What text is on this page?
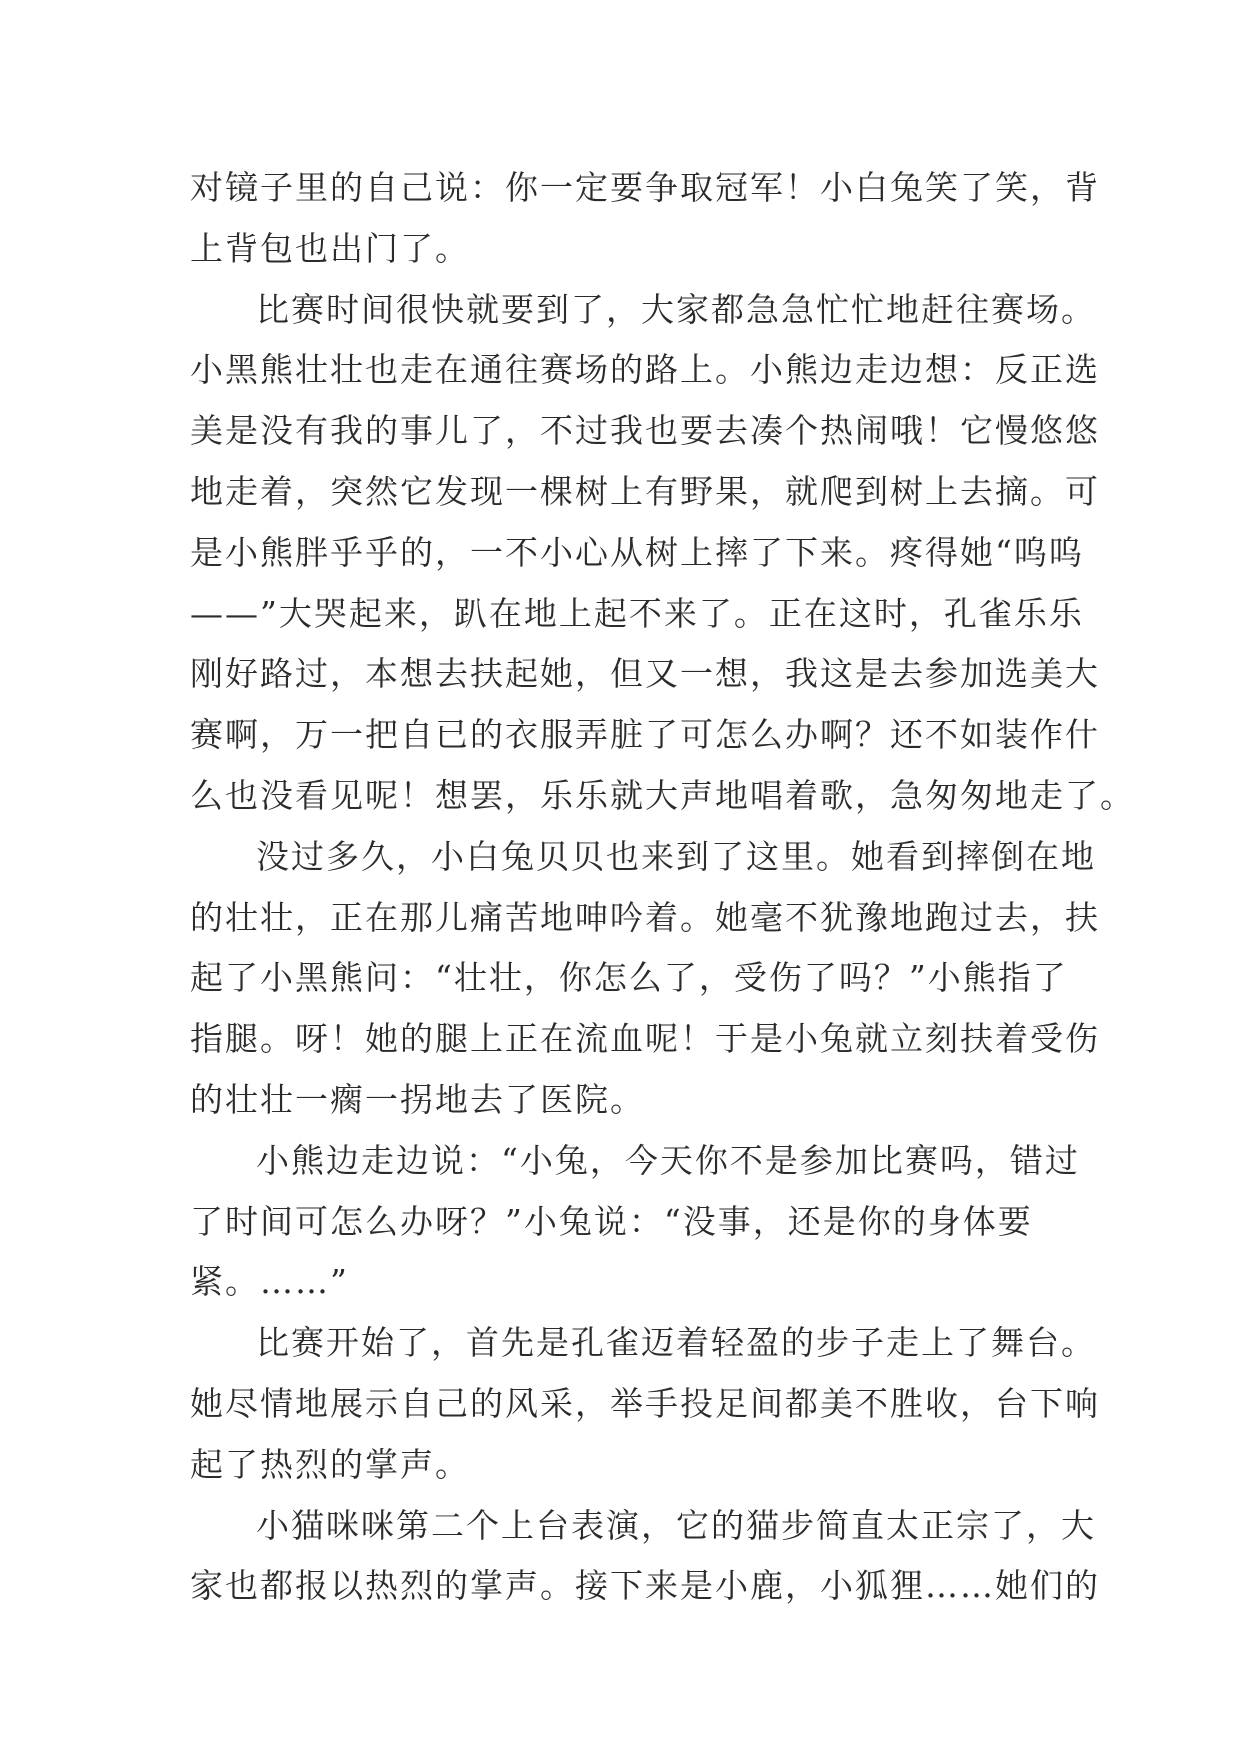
对镜子里的自己说：你一定要争取冠军！小白兔笑了笑，背
上背包也出门了。
比赛时间很快就要到了，大家都急急忙忙地赶往赛场。
小黑熊壮壮也走在通往赛场的路上。小熊边走边想：反正选
美是没有我的事儿了，不过我也要去凑个热闹哦！它慢悠悠
地走着，突然它发现一棵树上有野果，就爬到树上去摘。可
是小熊胖乎乎的，一不小心从树上摔了下来。疼得她“呜呜
——”大哭起来，趴在地上起不来了。正在这时，孔雀乐乐
刚好路过，本想去扶起她，但又一想，我这是去参加选美大
赛啊，万一把自已的衣服弄脏了可怎么办啊？还不如装作什
么也没看见呢！想罢，乐乐就大声地唱着歌，急匆匆地走了。
没过多久，小白兔贝贝也来到了这里。她看到摔倒在地
的壮壮，正在那儿痛苦地呻吟着。她毫不犹豫地跑过去，扶
起了小黑熊问：“壮壮，你怎么了，受伤了吗？”小熊指了
指腿。呀！她的腿上正在流血呢！于是小兔就立刻扶着受伤
的壮壮一瘸一拐地去了医院。
小熊边走边说：“小兔，今天你不是参加比赛吗，错过
了时间可怎么办呀？”小兔说：“没事，还是你的身体要
紧。……”
比赛开始了，首先是孔雀迈着轻盈的步子走上了舞台。
她尽情地展示自己的风采，举手投足间都美不胜收，台下响
起了热烈的掌声。
小猫咪咪第二个上台表演，它的猫步简直太正宗了，大
家也都报以热烈的掌声。接下来是小鹿，小狐狸……她们的
